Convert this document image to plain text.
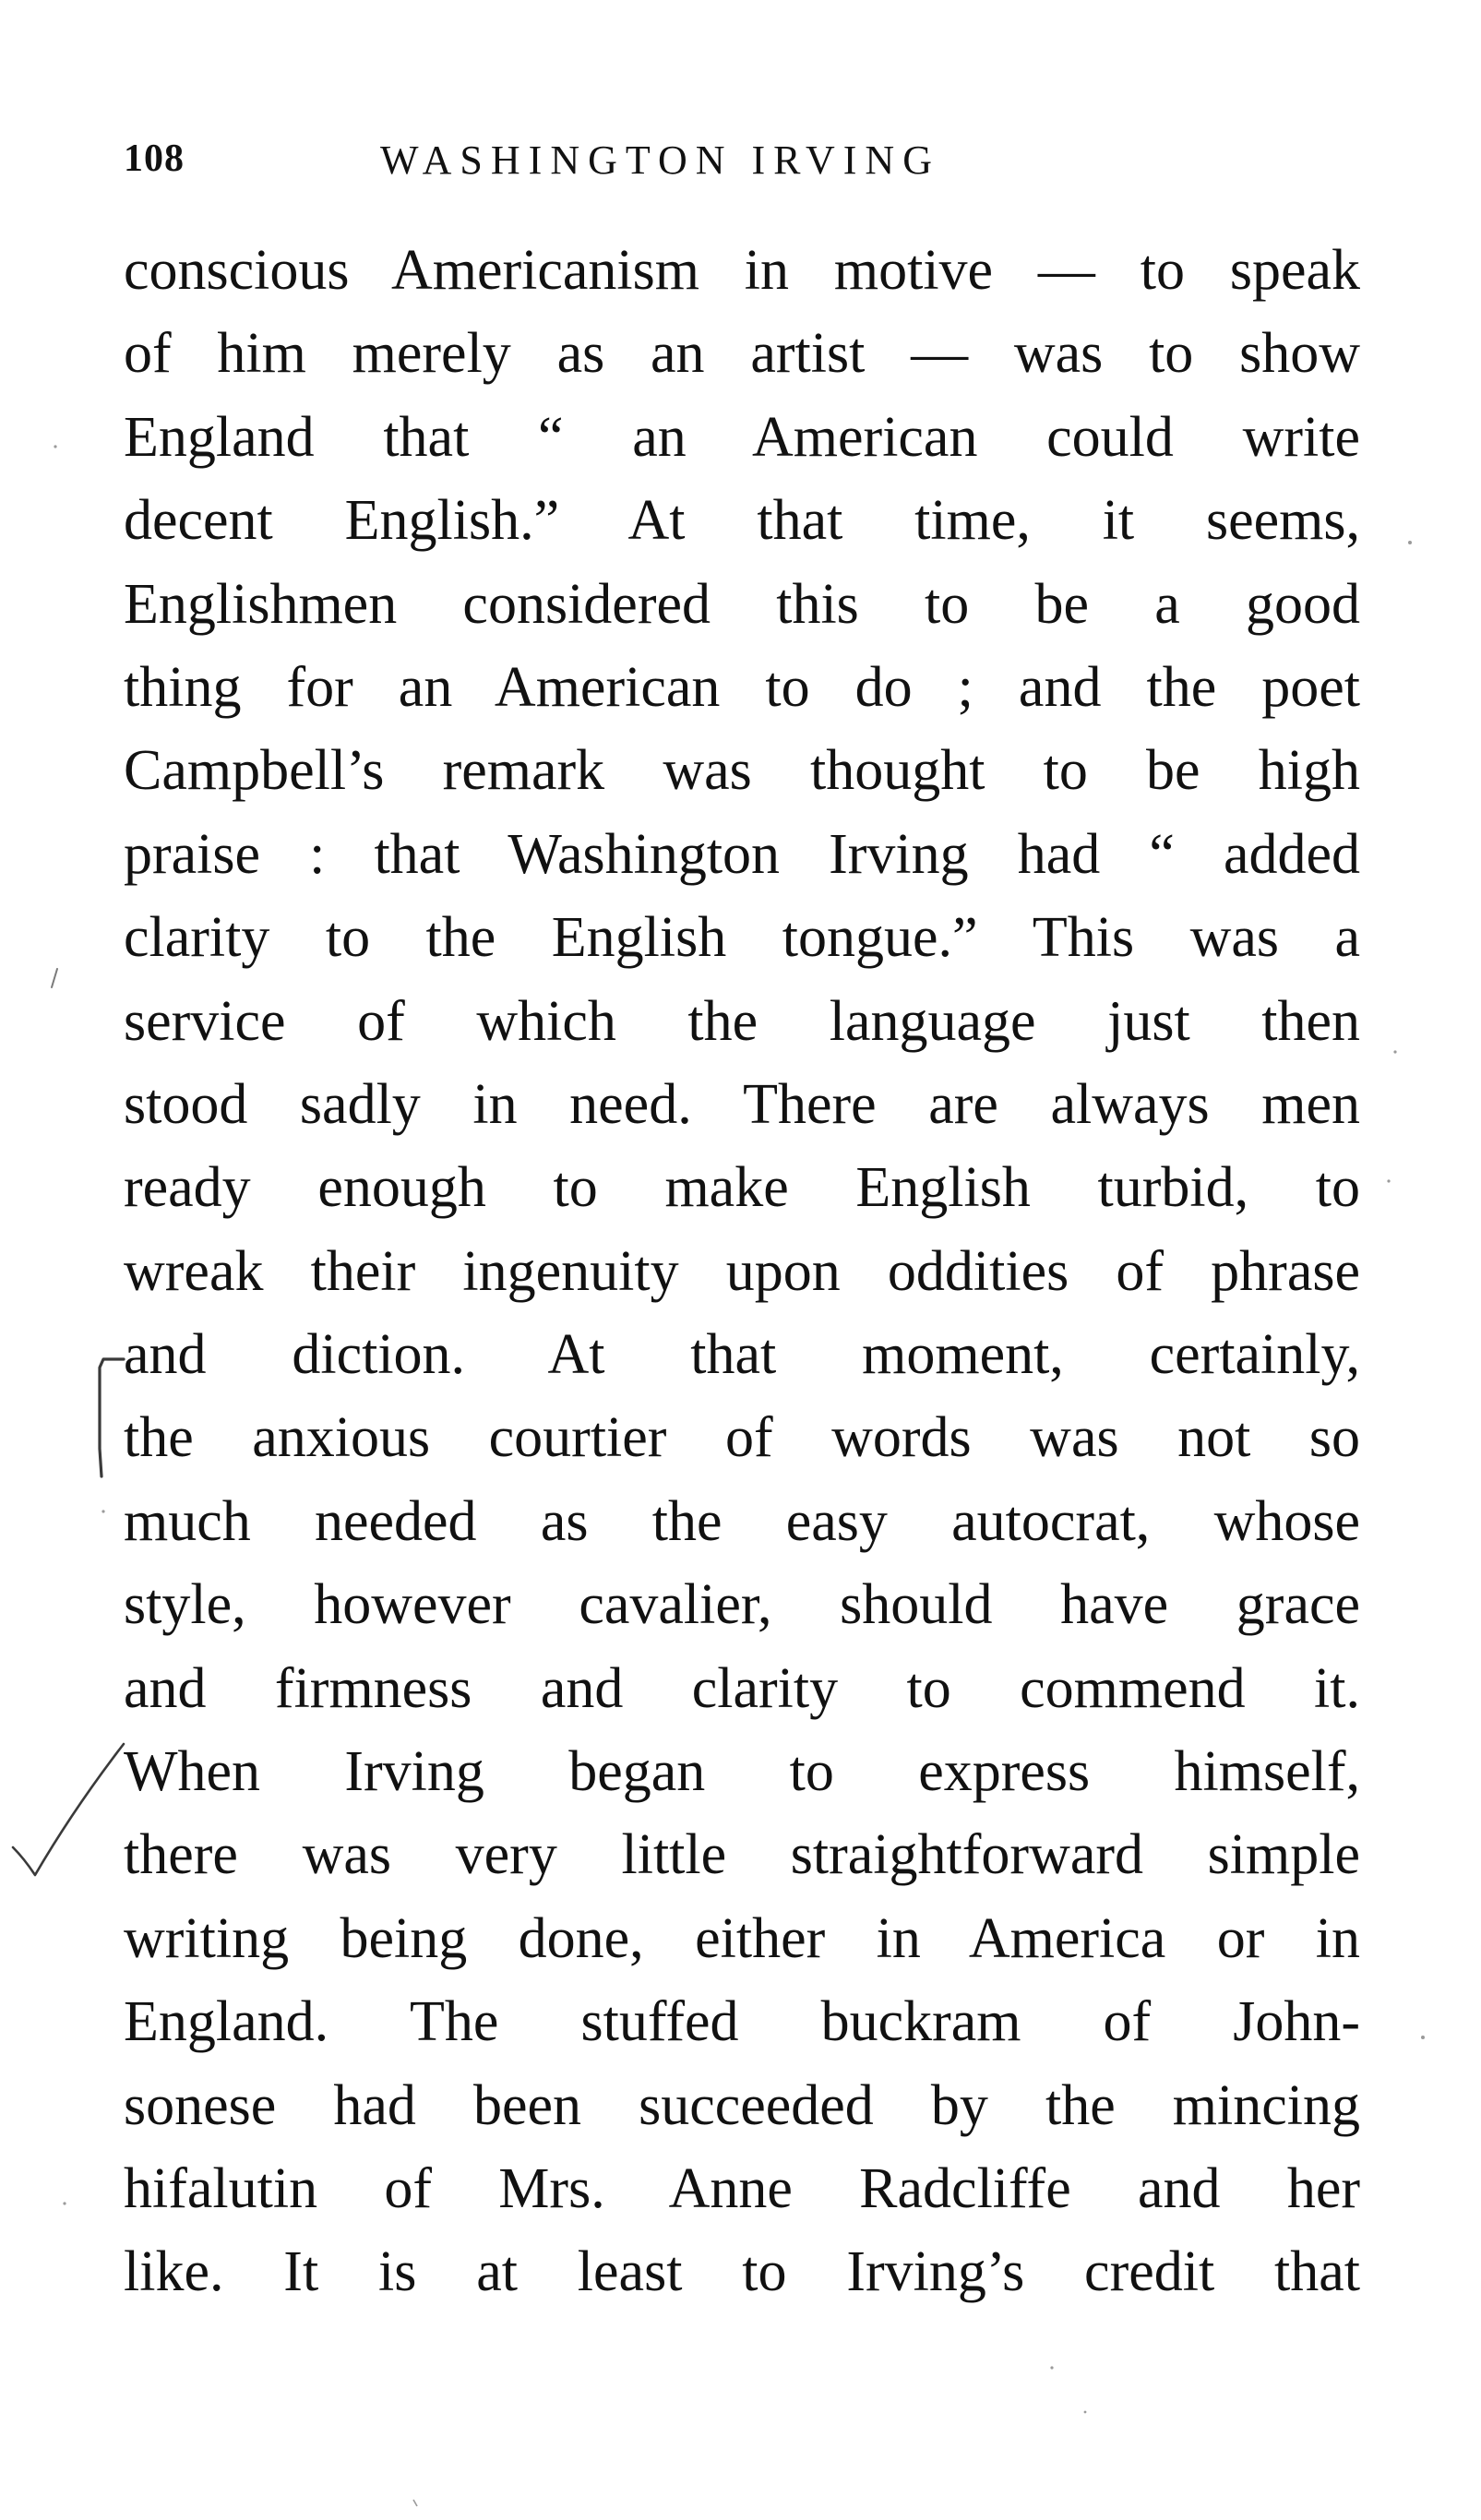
108	WASHINGTON IRVING
conscious Americanism in motive — to speak
of him merely as an artist — was to show
England that “ an American could write
decent English.” At that time, it seems,
Englishmen considered this to be a good
thing for an American to do ; and the poet
Campbell’s remark was thought to be high
praise : that Washington Irving had “ added
clarity to the English tongue.” This was a
service of which the language just then
stood sadly in need. There are always men
ready enough to make English turbid, to
wreak their ingenuity upon oddities of phrase
and diction. At that moment, certainly,
the anxious courtier of words was not so
much needed as the easy autocrat, whose
style, however cavalier, should have grace
and firmness and clarity to commend it.
When Irving began to express himself,
there was very little straightforward simple
writing being done, either in America or in
England. The stuffed buckram of John-
sonese had been succeeded by the mincing
hifalutin of Mrs. Anne Radcliffe and her
like. It is at least to Irving’s credit that
